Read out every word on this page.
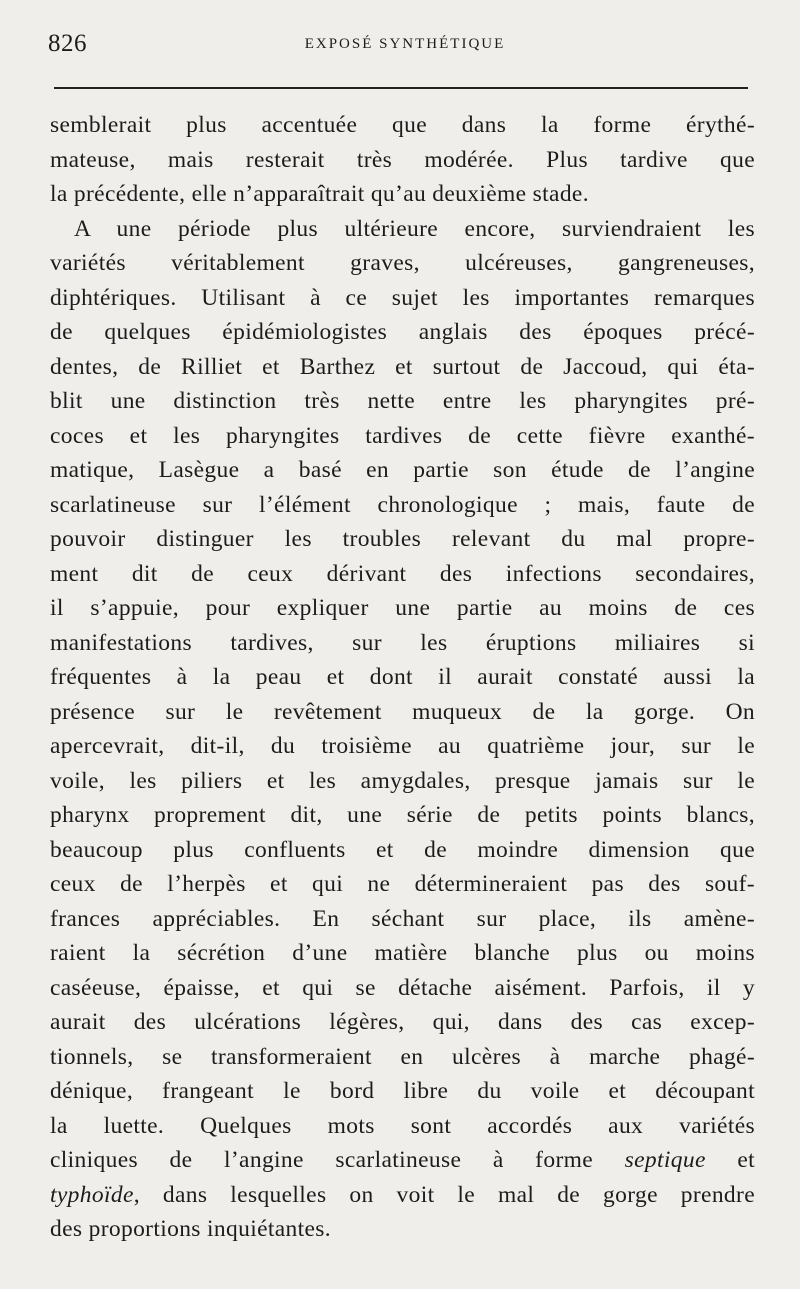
826	EXPOSÉ SYNTHÉTIQUE
semblerait plus accentuée que dans la forme érythé-
mateuse, mais resterait très modérée. Plus tardive que
la précédente, elle n’apparaîtrait qu’au deuxième stade.
A une période plus ultérieure encore, surviendraient les
variétés véritablement graves, ulcéreuses, gangreneuses,
diphtériques. Utilisant à ce sujet les importantes remarques
de quelques épidémiologistes anglais des époques précé-
dentes, de Rilliet et Barthez et surtout de Jaccoud, qui éta-
blit une distinction très nette entre les pharyngites pré-
coces et les pharyngites tardives de cette fièvre exanthé-
matique, Lasègue a basé en partie son étude de l’angine
scarlatineuse sur l’élément chronologique ; mais, faute de
pouvoir distinguer les troubles relevant du mal propre-
ment dit de ceux dérivant des infections secondaires,
il s’appuie, pour expliquer une partie au moins de ces
manifestations tardives, sur les éruptions miliaires si
fréquentes à la peau et dont il aurait constaté aussi la
présence sur le revêtement muqueux de la gorge. On
apercevrait, dit-il, du troisième au quatrième jour, sur le
voile, les piliers et les amygdales, presque jamais sur le
pharynx proprement dit, une série de petits points blancs,
beaucoup plus confluents et de moindre dimension que
ceux de l’herpès et qui ne détermineraient pas des souf-
frances appréciables. En séchant sur place, ils amène-
raient la sécrétion d’une matière blanche plus ou moins
caséeuse, épaisse, et qui se détache aisément. Parfois, il y
aurait des ulcérations légères, qui, dans des cas excep-
tionnels, se transformeraient en ulcères à marche phagé-
dénique, frangeant le bord libre du voile et découpant
la luette. Quelques mots sont accordés aux variétés
cliniques de l’angine scarlatineuse à forme septique et
typhoïde, dans lesquelles on voit le mal de gorge prendre
des proportions inquiétantes.
